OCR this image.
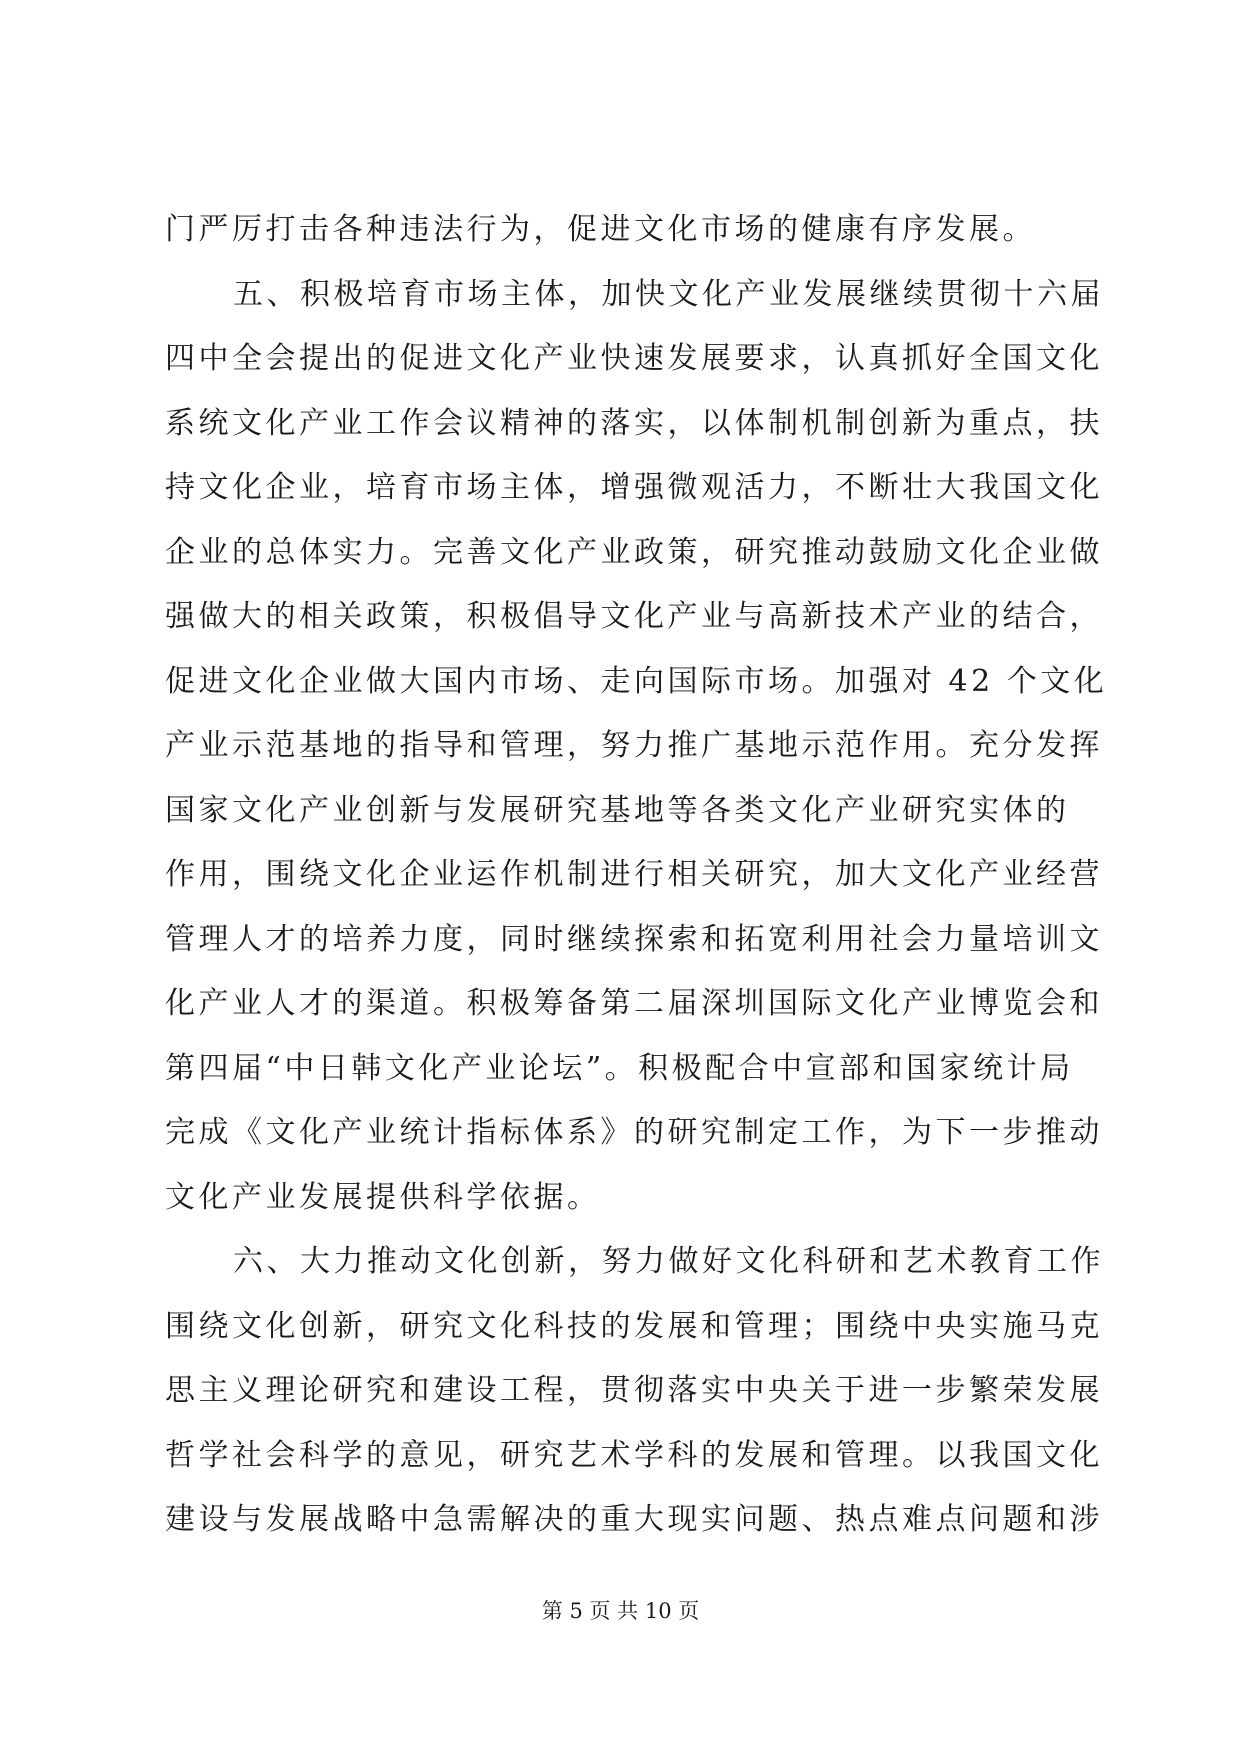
门严厉打击各种违法行为，促进文化市场的健康有序发展。
五、积极培育市场主体，加快文化产业发展继续贯彻十六届
四中全会提出的促进文化产业快速发展要求，认真抓好全国文化
系统文化产业工作会议精神的落实，以体制机制创新为重点，扶
持文化企业，培育市场主体，增强微观活力，不断壮大我国文化
企业的总体实力。完善文化产业政策，研究推动鼓励文化企业做
强做大的相关政策，积极倡导文化产业与高新技术产业的结合，
促进文化企业做大国内市场、走向国际市场。加强对 42 个文化
产业示范基地的指导和管理，努力推广基地示范作用。充分发挥
国家文化产业创新与发展研究基地等各类文化产业研究实体的
作用，围绕文化企业运作机制进行相关研究，加大文化产业经营
管理人才的培养力度，同时继续探索和拓宽利用社会力量培训文
化产业人才的渠道。积极筹备第二届深圳国际文化产业博览会和
第四届“中日韩文化产业论坛”。积极配合中宣部和国家统计局
完成《文化产业统计指标体系》的研究制定工作，为下一步推动
文化产业发展提供科学依据。
六、大力推动文化创新，努力做好文化科研和艺术教育工作
围绕文化创新，研究文化科技的发展和管理；围绕中央实施马克
思主义理论研究和建设工程，贯彻落实中央关于进一步繁荣发展
哲学社会科学的意见，研究艺术学科的发展和管理。以我国文化
建设与发展战略中急需解决的重大现实问题、热点难点问题和涉
第 5 页 共 10 页
